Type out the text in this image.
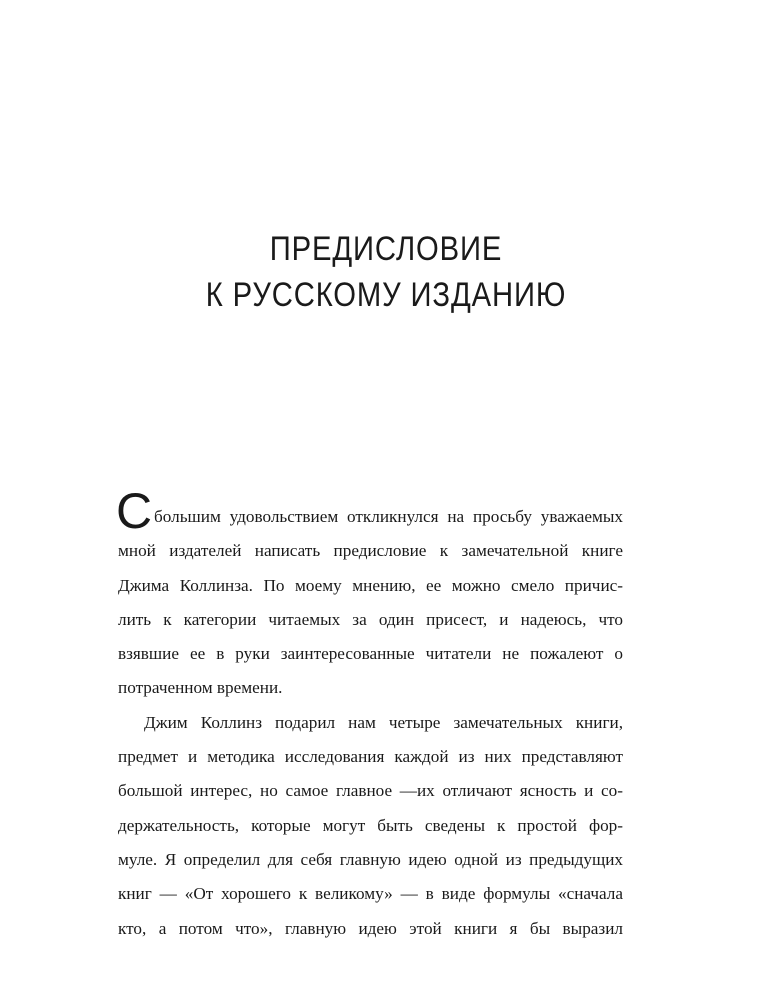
ПРЕДИСЛОВИЕ
К РУССКОМУ ИЗДАНИЮ
С большим удовольствием откликнулся на просьбу уважаемых
мной издателей написать предисловие к замечательной книге
Джима Коллинза. По моему мнению, ее можно смело причис-
лить к категории читаемых за один присест, и надеюсь, что
взявшие ее в руки заинтересованные читатели не пожалеют о
потраченном времени.
Джим Коллинз подарил нам четыре замечательных книги,
предмет и методика исследования каждой из них представляют
большой интерес, но самое главное —их отличают ясность и со-
держательность, которые могут быть сведены к простой фор-
муле. Я определил для себя главную идею одной из предыдущих
книг — «От хорошего к великому» — в виде формулы «сначала
кто, а потом что», главную идею этой книги я бы выразил
